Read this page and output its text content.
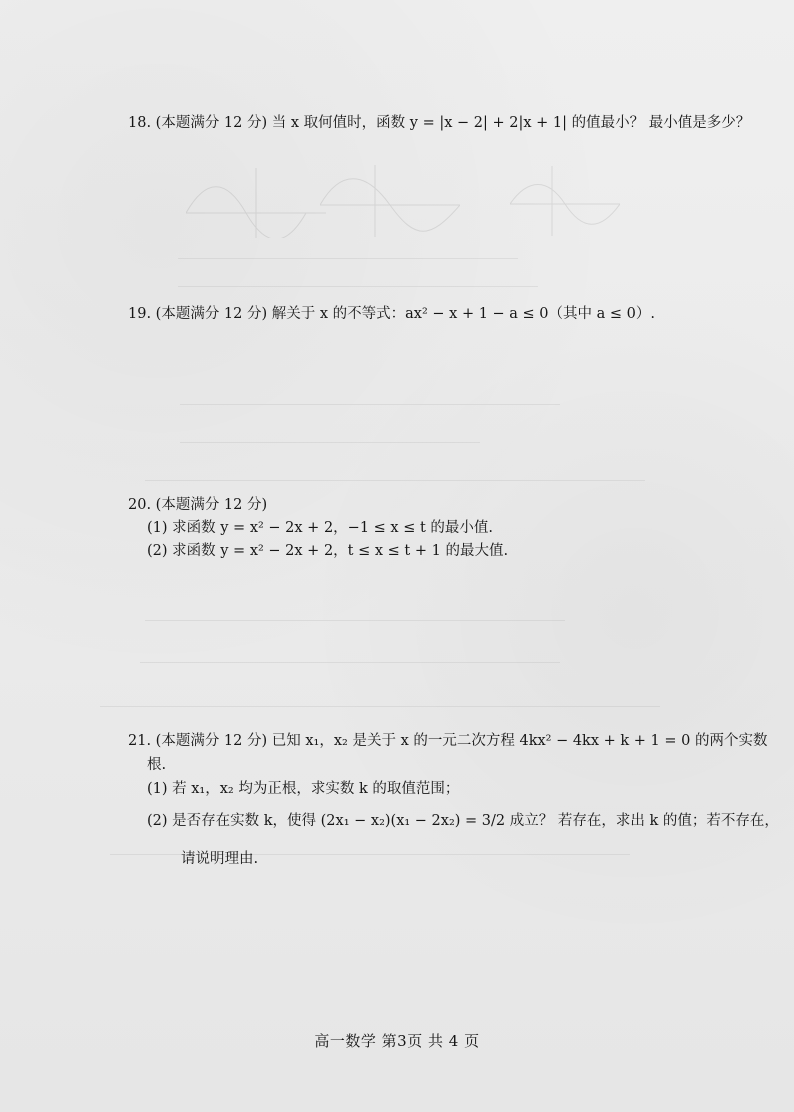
18. (本题满分 12 分) 当 x 取何值时，函数 y = |x − 2| + 2|x + 1| 的值最小？ 最小值是多少？
19. (本题满分 12 分) 解关于 x 的不等式：ax² − x + 1 − a ≤ 0（其中 a ≤ 0）.
20. (本题满分 12 分)
(1) 求函数 y = x² − 2x + 2，−1 ≤ x ≤ t 的最小值.
(2) 求函数 y = x² − 2x + 2，t ≤ x ≤ t + 1 的最大值.
21. (本题满分 12 分) 已知 x₁，x₂ 是关于 x 的一元二次方程 4kx² − 4kx + k + 1 = 0 的两个实数
根.
(1) 若 x₁，x₂ 均为正根，求实数 k 的取值范围；
(2) 是否存在实数 k，使得 (2x₁ − x₂)(x₁ − 2x₂) = 3/2 成立？ 若存在，求出 k 的值；若不存在，
请说明理由.
高一数学 第3页 共 4 页
